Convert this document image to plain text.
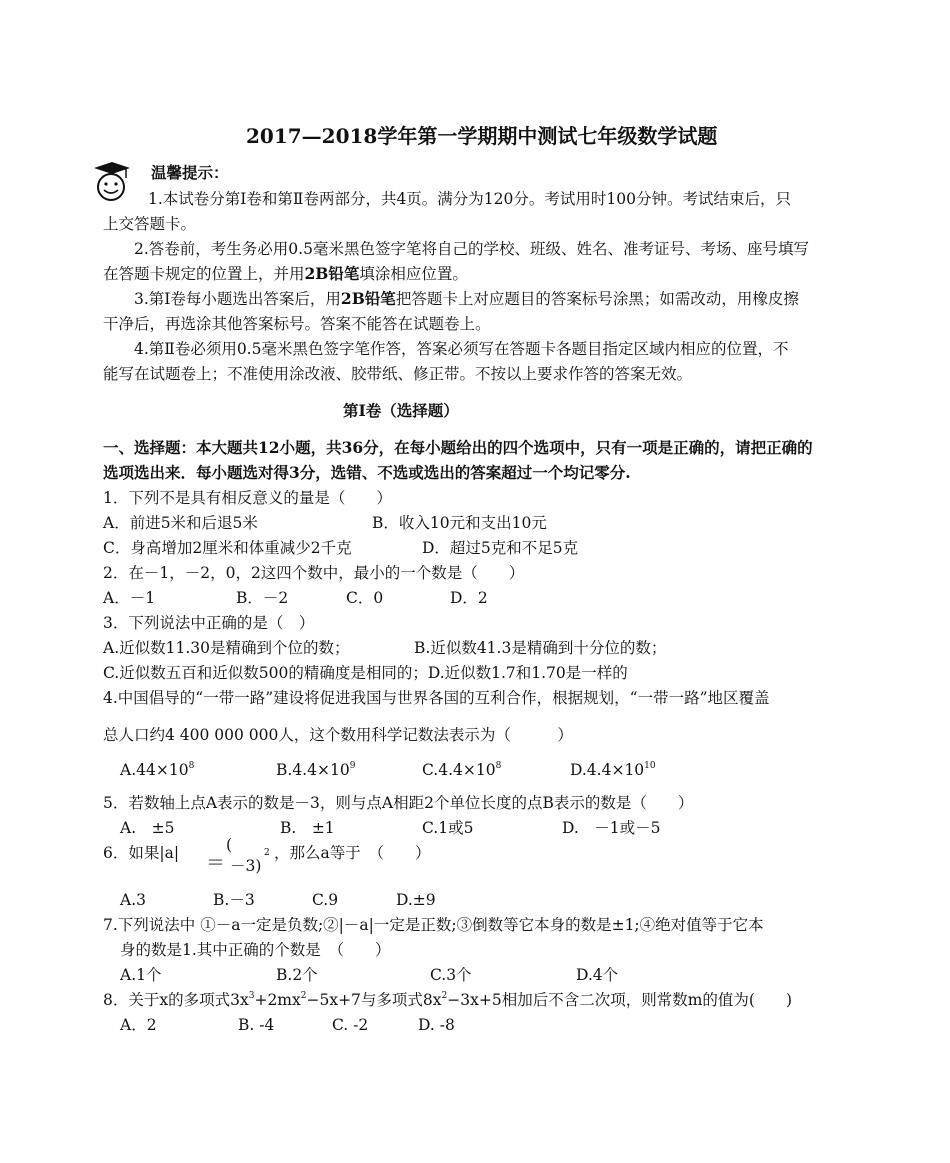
2017—2018学年第一学期期中测试七年级数学试题
温馨提示：
1.本试卷分第Ⅰ卷和第Ⅱ卷两部分，共4页。满分为120分。考试用时100分钟。考试结束后，只
上交答题卡。
2.答卷前，考生务必用0.5毫米黑色签字笔将自己的学校、班级、姓名、准考证号、考场、座号填写
在答题卡规定的位置上，并用2B铅笔填涂相应位置。
3.第Ⅰ卷每小题选出答案后，用2B铅笔把答题卡上对应题目的答案标号涂黑；如需改动，用橡皮擦
干净后，再选涂其他答案标号。答案不能答在试题卷上。
4.第Ⅱ卷必须用0.5毫米黑色签字笔作答，答案必须写在答题卡各题目指定区域内相应的位置，不
能写在试题卷上；不准使用涂改液、胶带纸、修正带。不按以上要求作答的答案无效。
第Ⅰ卷（选择题）
一、选择题：本大题共12小题，共36分，在每小题给出的四个选项中，只有一项是正确的，请把正确的
选项选出来．每小题选对得3分，选错、不选或选出的答案超过一个均记零分.
1．下列不是具有相反意义的量是（　　）
A．前进5米和后退5米	B．收入10元和支出10元
C．身高增加2厘米和体重减少2千克	D．超过5克和不足5克
2．在－1，－2，0，2这四个数中，最小的一个数是（　　）
A．－1	B．－2	C．0	D．2
3．下列说法中正确的是（　）
A.近似数11.30是精确到个位的数；	B.近似数41.3是精确到十分位的数；
C.近似数五百和近似数500的精确度是相同的；D.近似数1.7和1.70是一样的
4.中国倡导的“一带一路”建设将促进我国与世界各国的互利合作，根据规划，“一带一路”地区覆盖
总人口约4 400 000 000人，这个数用科学记数法表示为（　　　）
$A.44\times 10^8$	$B.4.4\times 10^9$	$C.4.4\times 10^8$	$D.4.4\times 10^{10}$
5．若数轴上点A表示的数是－3，则与点A相距2个单位长度的点B表示的数是（　　）
A.　±5	B.　±1	C.1或5	D.　－1或－5
6．如果|a| ＝
(
－3)
2 ，那么a等于　（　　）
A.3	B.－3	C.9	D.±9
7.下列说法中 ①－a一定是负数;②|－a|一定是正数;③倒数等它本身的数是±1;④绝对值等于它本
身的数是1.其中正确的个数是　（　　）
A.1个	B.2个	C.3个	D.4个
8．关于x的多项式$3x^3+2mx^2-5x+7$与多项式$8x^2-3x+5$相加后不含二次项，则常数m的值为(　　)
A．2	B. -4	C. -2	D. -8
